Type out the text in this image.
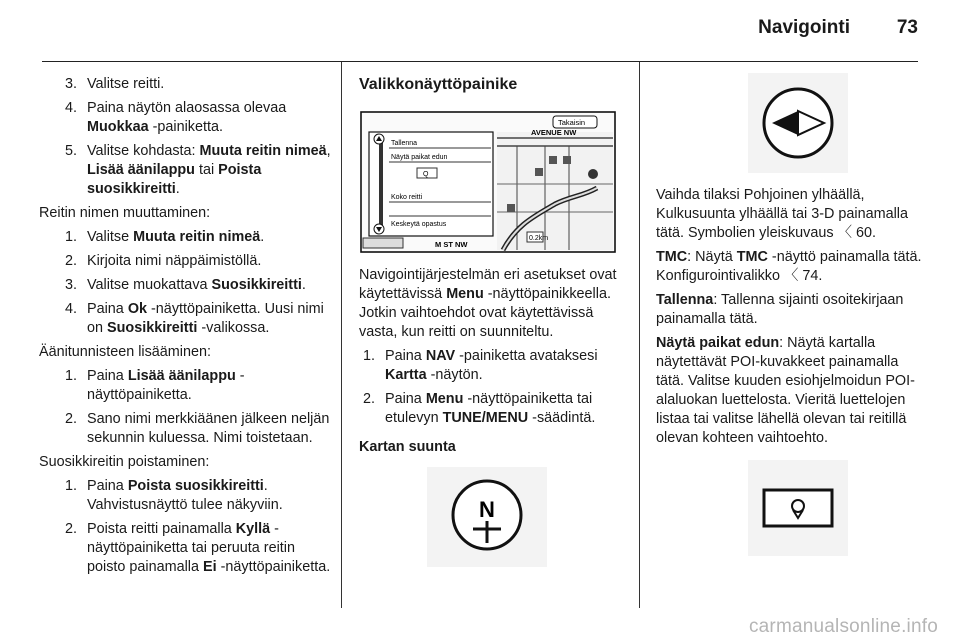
Navigointi 73
3. Valitse reitti.
4. Paina näytön alaosassa olevaa Muokkaa -painiketta.
5. Valitse kohdasta: Muuta reitin nimeä, Lisää äänilappu tai Poista suosikkireitti.
Reitin nimen muuttaminen:
1. Valitse Muuta reitin nimeä.
2. Kirjoita nimi näppäimistöllä.
3. Valitse muokattava Suosikkireitti.
4. Paina Ok -näyttöpainiketta. Uusi nimi on Suosikkireitti -valikossa.
Äänitunnisteen lisääminen:
1. Paina Lisää äänilappu -näyttöpainiketta.
2. Sano nimi merkkiäänen jälkeen neljän sekunnin kuluessa. Nimi toistetaan.
Suosikkireitin poistaminen:
1. Paina Poista suosikkireitti. Vahvistusnäyttö tulee näkyviin.
2. Poista reitti painamalla Kyllä -näyttöpainiketta tai peruuta reitin poisto painamalla Ei -näyttöpainiketta.
Valikkonäyttöpainike
0.2km
Takaisin
AVENUE NW
Tallenna
Näytä paikat edun
Q
Koko reitti
Keskeytä opastus
M ST NW
Navigointijärjestelmän eri asetukset ovat käytettävissä Menu -näyttöpainikkeella. Jotkin vaihtoehdot ovat käytettävissä vasta, kun reitti on suunniteltu.
1. Paina NAV -painiketta avataksesi Kartta -näytön.
2. Paina Menu -näyttöpainiketta tai etulevyn TUNE/MENU -säädintä.
Kartan suunta
N
Vaihda tilaksi Pohjoinen ylhäällä, Kulkusuunta ylhäällä tai 3-D painamalla tätä. Symbolien yleiskuvaus 〈 60.
TMC: Näytä TMC -näyttö painamalla tätä. Konfigurointivalikko 〈 74.
Tallenna: Tallenna sijainti osoitekirjaan painamalla tätä.
Näytä paikat edun: Näytä kartalla näytettävät POI-kuvakkeet painamalla tätä. Valitse kuuden esiohjelmoidun POI-alaluokan luettelosta. Vieritä luettelojen listaa tai valitse lähellä olevan tai reitillä olevan kohteen vaihtoehto.
carmanualsonline.info
